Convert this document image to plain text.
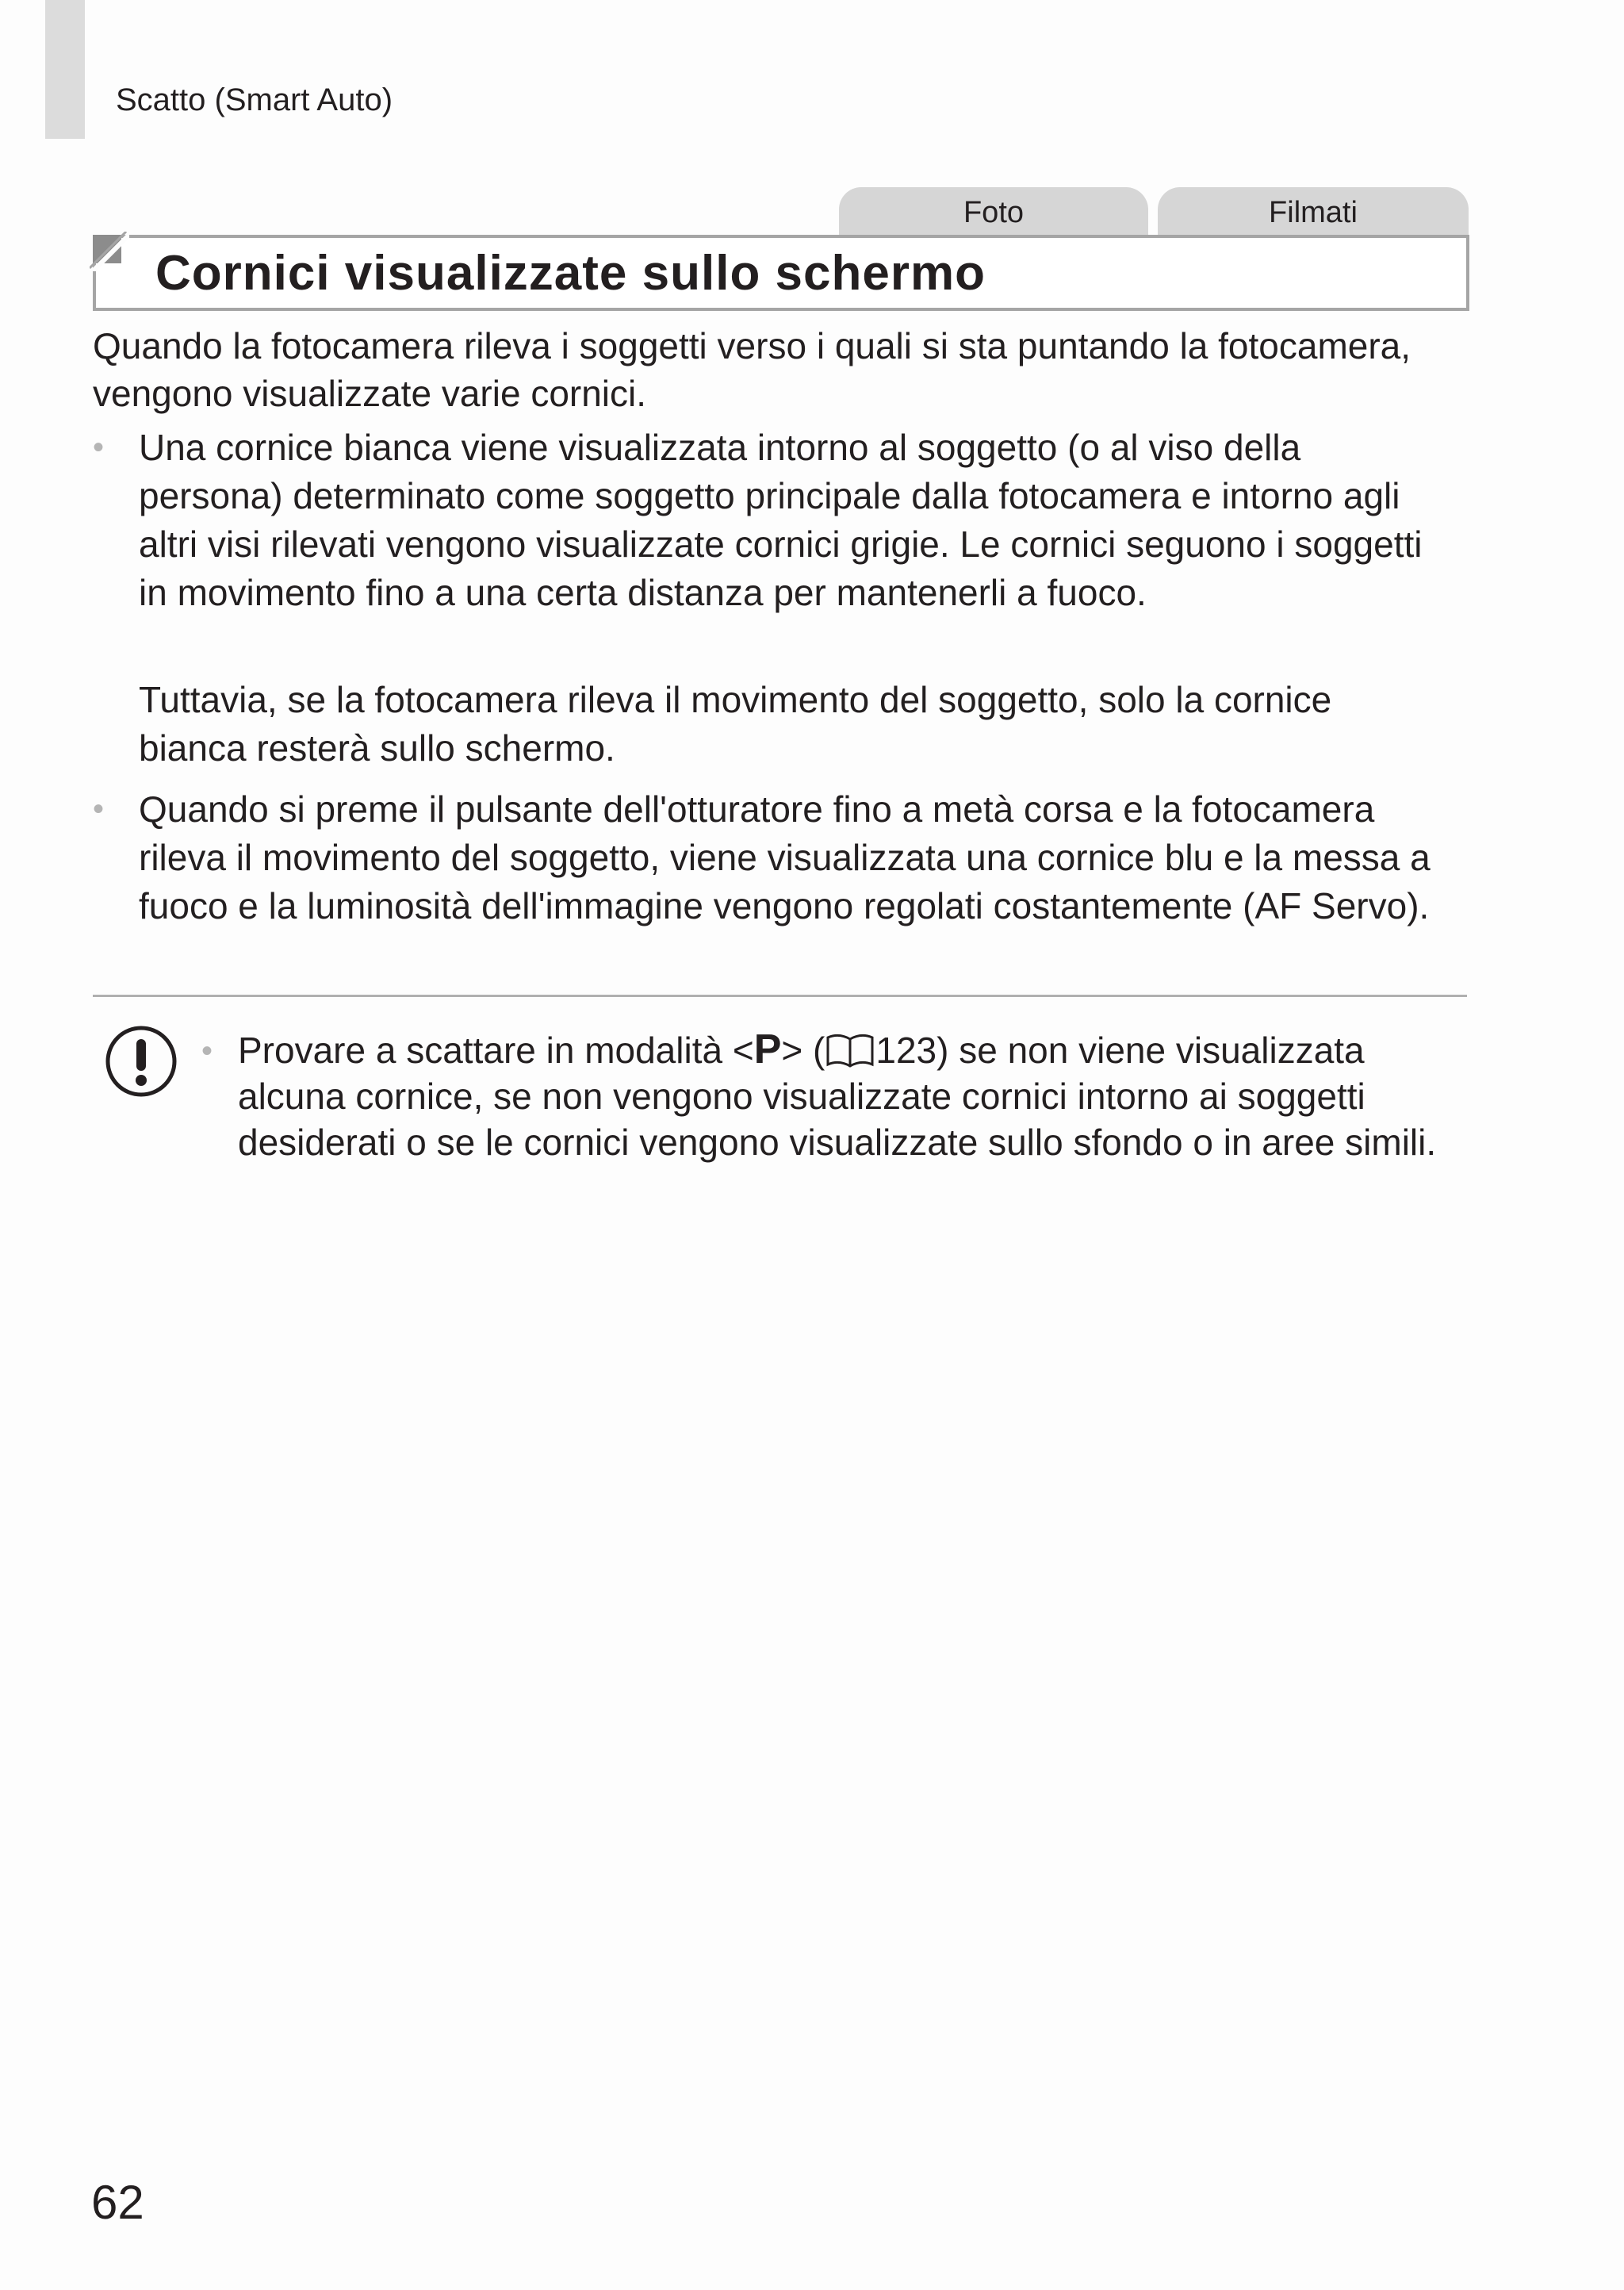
Scatto (Smart Auto)
Foto	Filmati
Cornici visualizzate sullo schermo
Quando la fotocamera rileva i soggetti verso i quali si sta puntando la fotocamera, vengono visualizzate varie cornici.
• Una cornice bianca viene visualizzata intorno al soggetto (o al viso della persona) determinato come soggetto principale dalla fotocamera e intorno agli altri visi rilevati vengono visualizzate cornici grigie. Le cornici seguono i soggetti in movimento fino a una certa distanza per mantenerli a fuoco.
Tuttavia, se la fotocamera rileva il movimento del soggetto, solo la cornice bianca resterà sullo schermo.
• Quando si preme il pulsante dell'otturatore fino a metà corsa e la fotocamera rileva il movimento del soggetto, viene visualizzata una cornice blu e la messa a fuoco e la luminosità dell'immagine vengono regolati costantemente (AF Servo).
• Provare a scattare in modalità <P> ( 123) se non viene visualizzata alcuna cornice, se non vengono visualizzate cornici intorno ai soggetti desiderati o se le cornici vengono visualizzate sullo sfondo o in aree simili.
62
